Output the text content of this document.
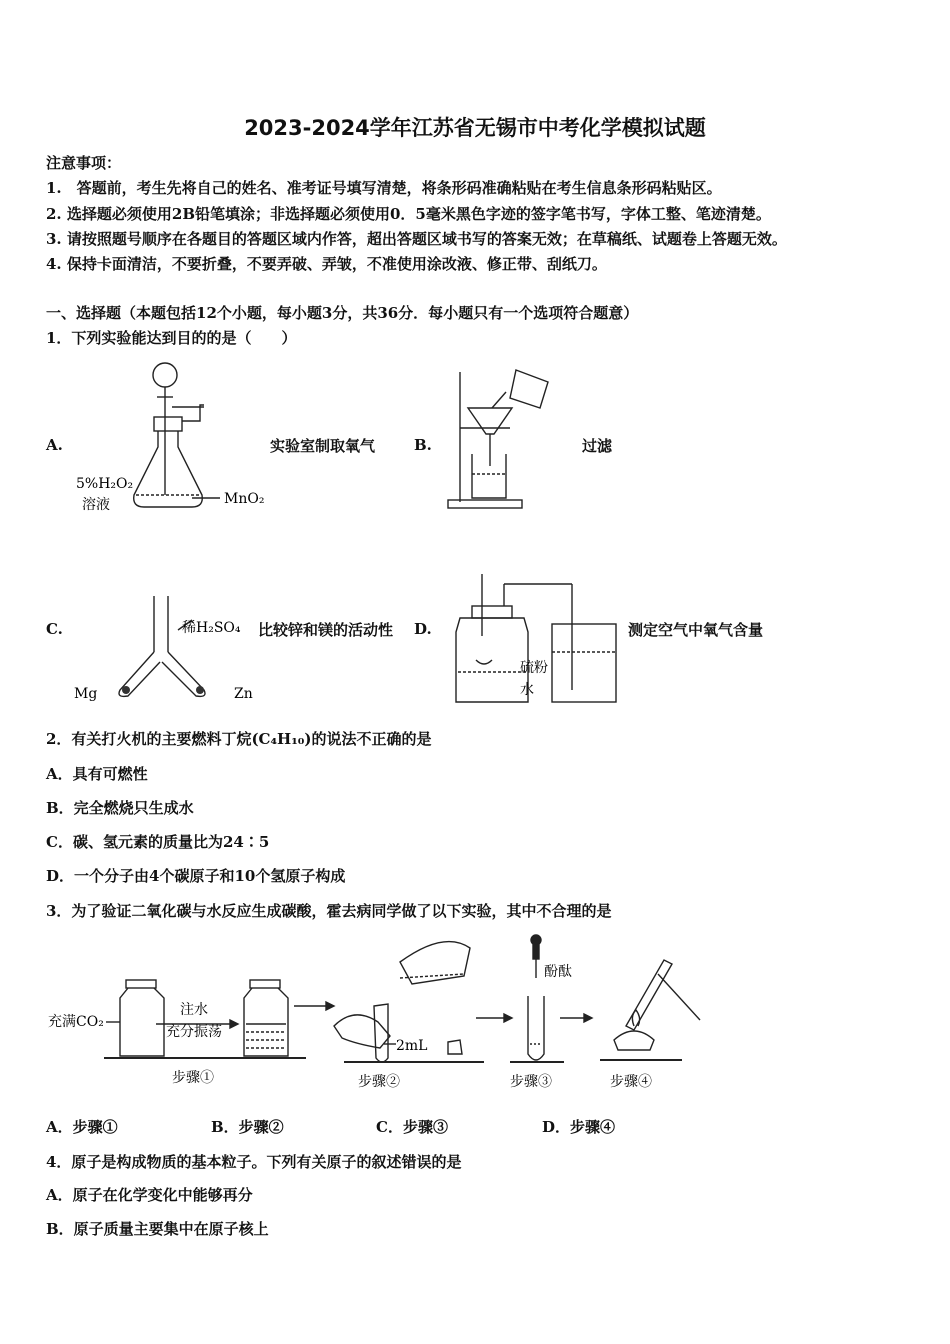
2023-2024学年江苏省无锡市中考化学模拟试题
注意事项：
1.　答题前，考生先将自己的姓名、准考证号填写清楚，将条形码准确粘贴在考生信息条形码粘贴区。
2. 选择题必须使用2B铅笔填涂；非选择题必须使用0．5毫米黑色字迹的签字笔书写，字体工整、笔迹清楚。
3. 请按照题号顺序在各题目的答题区域内作答，超出答题区域书写的答案无效；在草稿纸、试题卷上答题无效。
4. 保持卡面清洁，不要折叠，不要弄破、弄皱，不准使用涂改液、修正带、刮纸刀。
一、选择题（本题包括12个小题，每小题3分，共36分．每小题只有一个选项符合题意）
1．下列实验能达到目的的是（　　）
A.	实验室制取氧气	B.	过滤
C.	比较锌和镁的活动性 D.	测定空气中氧气含量
5%H₂O₂
溶液	MnO₂
稀H₂SO₄
Mg	Zn
硫粉
水
2．有关打火机的主要燃料丁烷(C₄H₁₀)的说法不正确的是
A．具有可燃性
B．完全燃烧只生成水
C．碳、氢元素的质量比为24∶5
D．一个分子由4个碳原子和10个氢原子构成
3．为了验证二氧化碳与水反应生成碳酸，霍去病同学做了以下实验，其中不合理的是
充满CO₂
注水
充分振荡
步骤①
2mL
步骤②
酚酞
步骤③	步骤④
A．步骤①	B．步骤②	C．步骤③	D．步骤④
4．原子是构成物质的基本粒子。下列有关原子的叙述错误的是
A．原子在化学变化中能够再分
B．原子质量主要集中在原子核上
